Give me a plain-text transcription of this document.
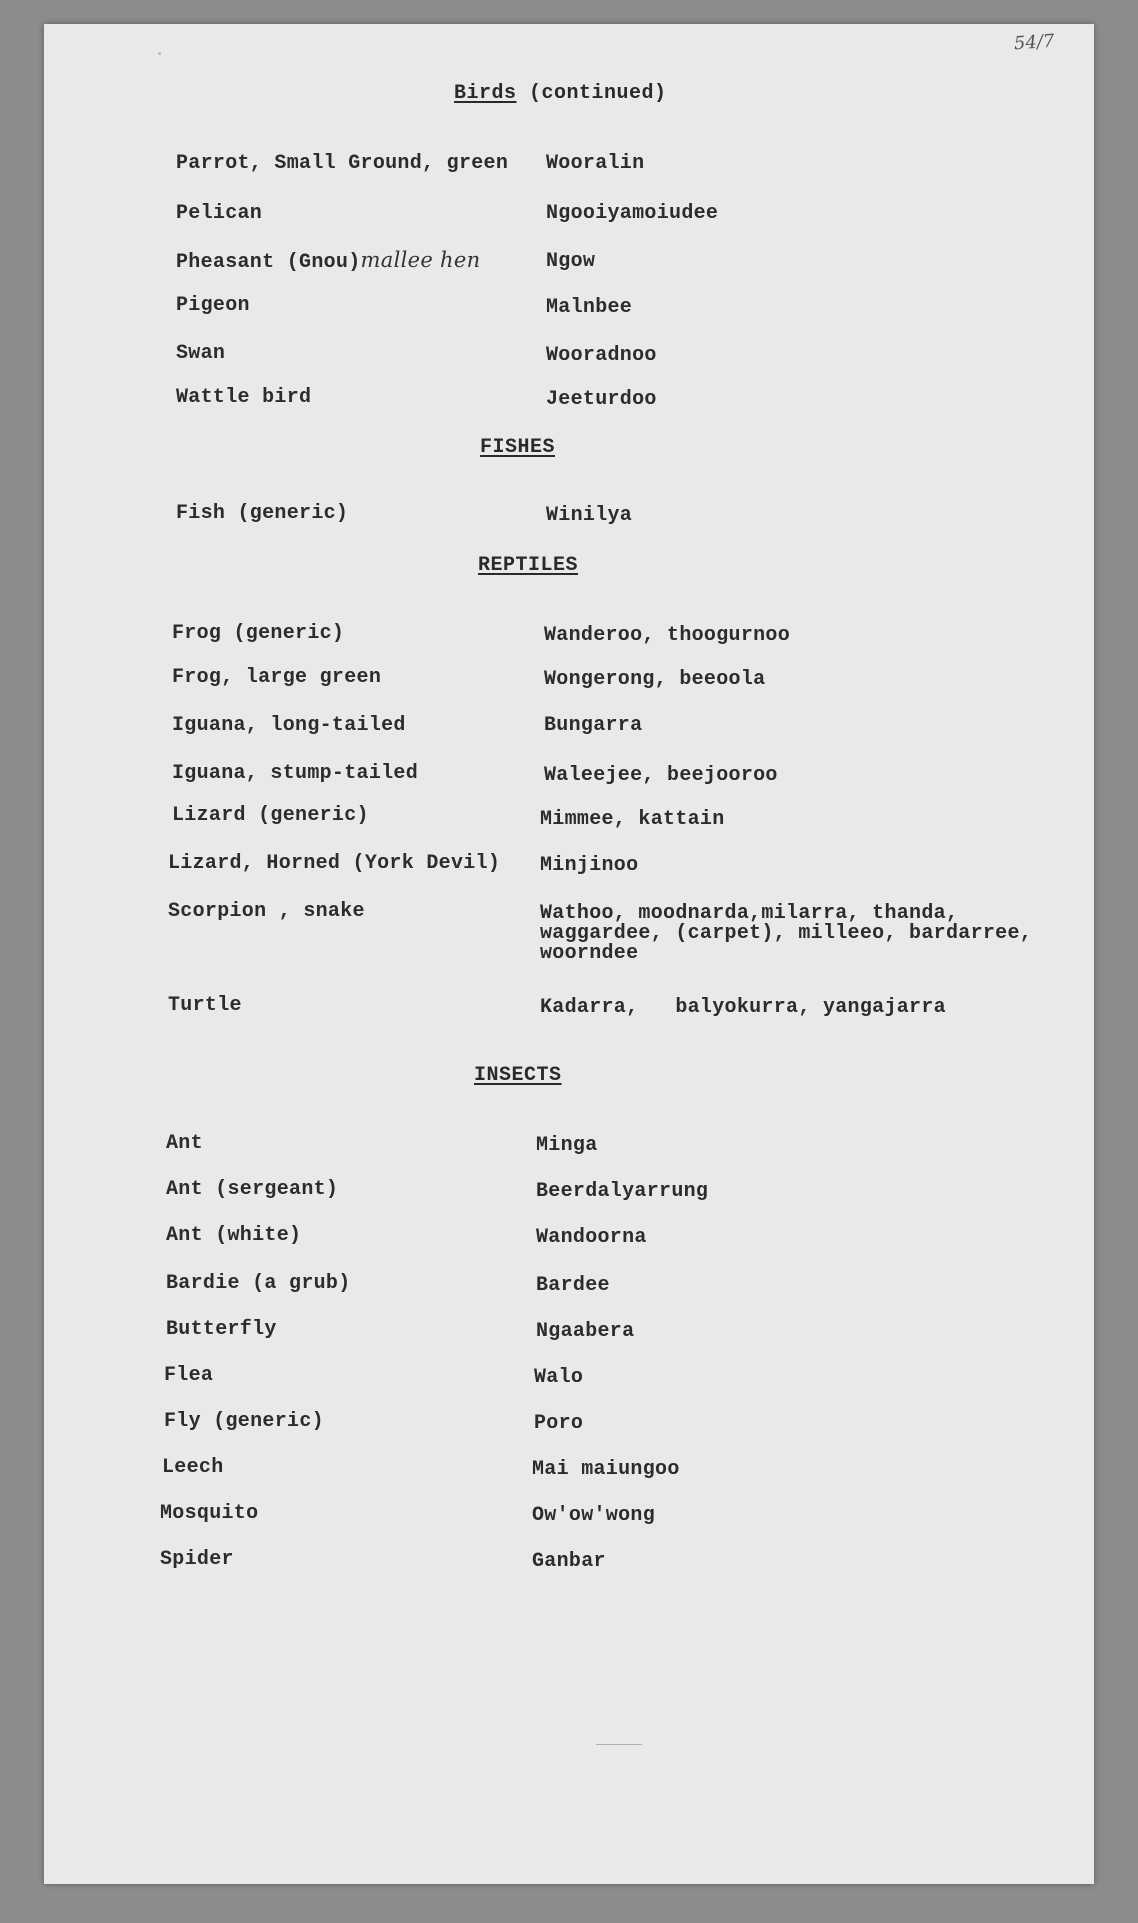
54/7
Birds (continued)
Parrot, Small Ground, green Wooralin
Pelican	Ngooiyamoiudee
Pheasant (Gnou)mallee hen	Ngow
Pigeon	Malnbee
Swan	Wooradnoo
Wattle bird	Jeeturdoo
FISHES
Fish (generic)	Winilya
REPTILES
Frog (generic)	Wanderoo, thoogurnoo
Frog, large green	Wongerong, beeoola
Iguana, long-tailed	Bungarra
Iguana, stump-tailed	Waleejee, beejooroo
Lizard (generic)	Mimmee, kattain
Lizard, Horned (York Devil) Minjinoo
Scorpion , snake	Wathoo, moodnarda,milarra, thanda,
waggardee, (carpet), milleeo, bardarree,
woorndee
Turtle	Kadarra,   balyokurra, yangajarra
INSECTS
Ant	Minga
Ant (sergeant)	Beerdalyarrung
Ant (white)	Wandoorna
Bardie (a grub)	Bardee
Butterfly	Ngaabera
Flea	Walo
Fly (generic)	Poro
Leech	Mai maiungoo
Mosquito	Ow'ow'wong
Spider	Ganbar
